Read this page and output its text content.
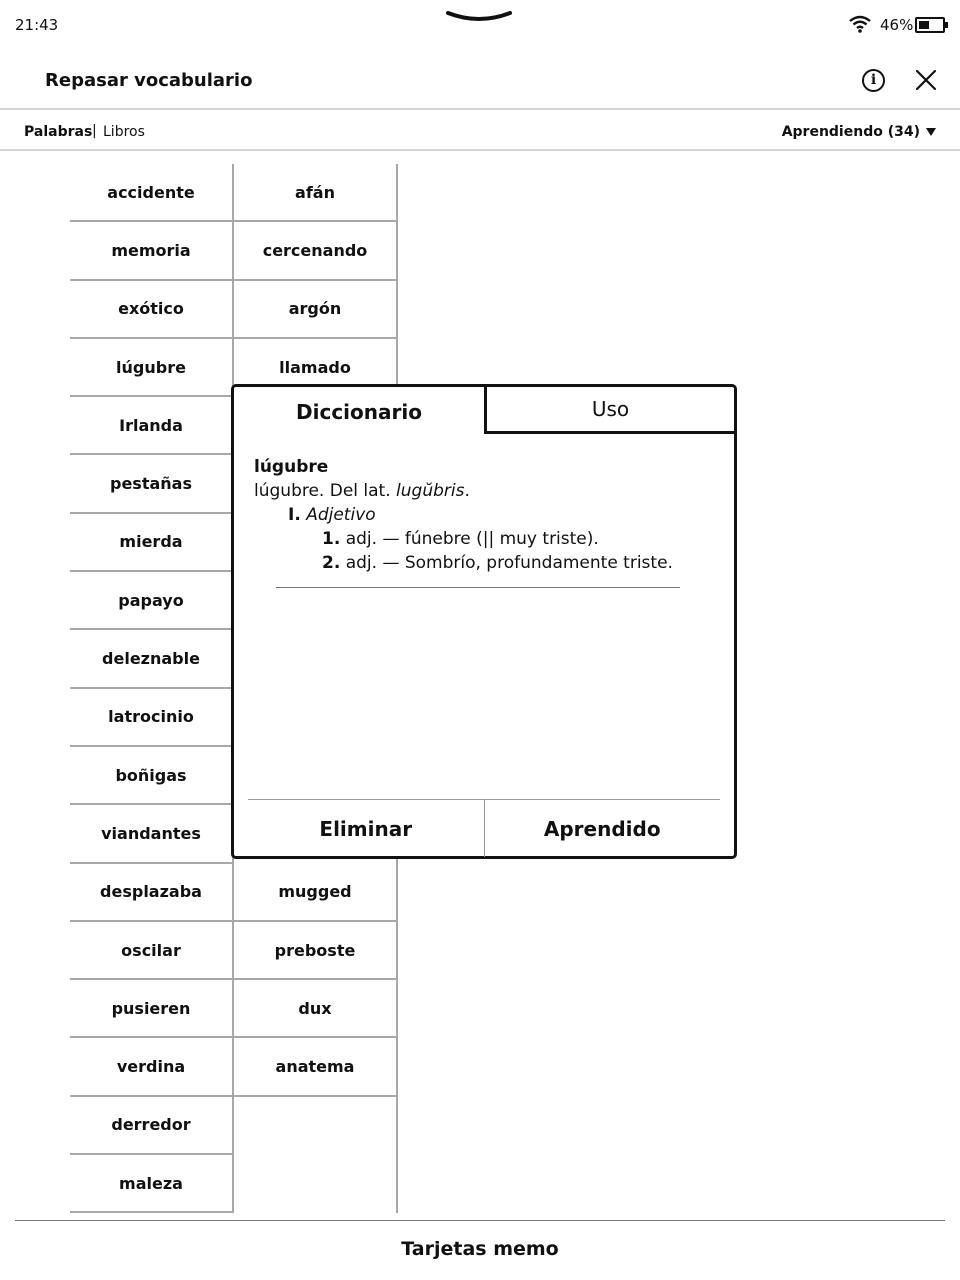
21:43	46%
Repasar vocabulario	i
Palabras | Libros	Aprendiendo (34)
accidente	afán
memoria	cercenando
exótico	argón
lúgubre	llamado
Irlanda
pestañas
mierda
papayo
deleznable
latrocinio
boñigas
viandantes
desplazaba	mugged
oscilar	preboste
pusieren	dux
verdina	anatema
derredor
maleza
Diccionario	Uso
lúgubre
lúgubre. Del lat. lugŭbris.
I. Adjetivo
1. adj. — fúnebre (|| muy triste).
2. adj. — Sombrío, profundamente triste.
Eliminar	Aprendido
Tarjetas memo
